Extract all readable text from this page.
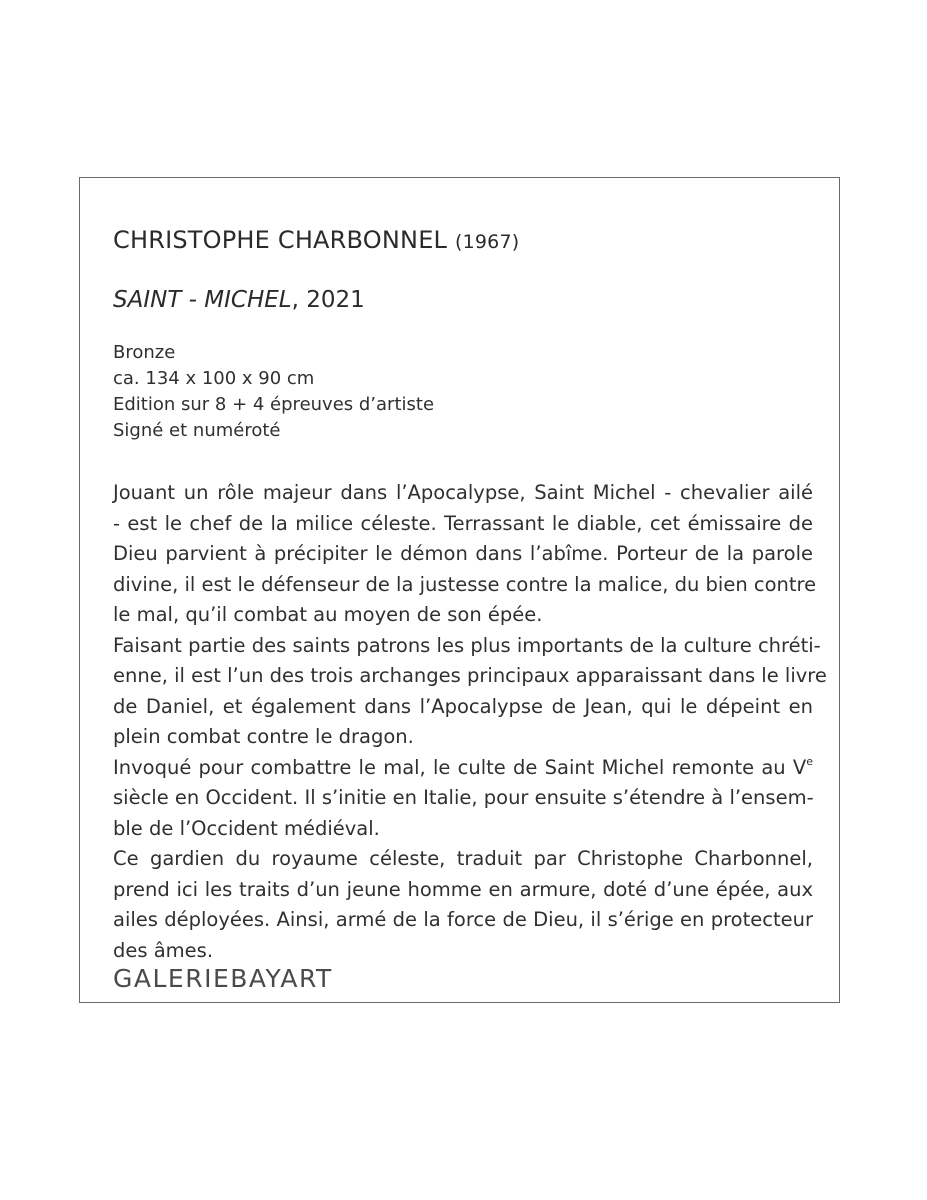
CHRISTOPHE CHARBONNEL (1967)
SAINT - MICHEL, 2021
Bronze
ca. 134 x 100 x 90 cm
Edition sur 8 + 4 épreuves d’artiste
Signé et numéroté
Jouant un rôle majeur dans l’Apocalypse, Saint Michel - chevalier ailé
- est le chef de la milice céleste. Terrassant le diable, cet émissaire de
Dieu parvient à précipiter le démon dans l’abîme. Porteur de la parole
divine, il est le défenseur de la justesse contre la malice, du bien contre
le mal, qu’il combat au moyen de son épée.
Faisant partie des saints patrons les plus importants de la culture chréti-
enne, il est l’un des trois archanges principaux apparaissant dans le livre
de Daniel, et également dans l’Apocalypse de Jean, qui le dépeint en
plein combat contre le dragon.
Invoqué pour combattre le mal, le culte de Saint Michel remonte au Ve
siècle en Occident. Il s’initie en Italie, pour ensuite s’étendre à l’ensem-
ble de l’Occident médiéval.
Ce gardien du royaume céleste, traduit par Christophe Charbonnel,
prend ici les traits d’un jeune homme en armure, doté d’une épée, aux
ailes déployées. Ainsi, armé de la force de Dieu, il s’érige en protecteur
des âmes.
GALERIEBAYART
